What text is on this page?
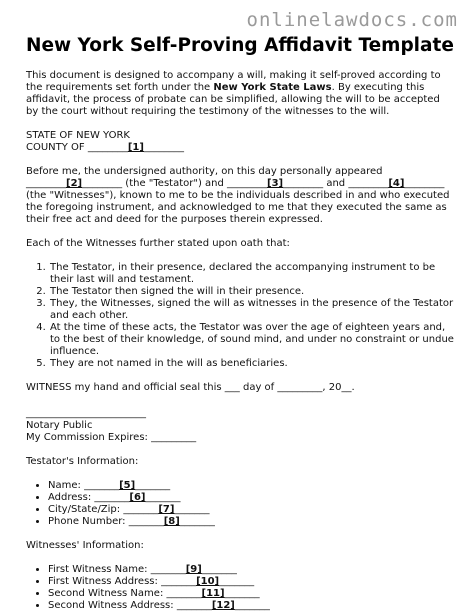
onlinelawdocs.com
New York Self-Proving Affidavit Template

This document is designed to accompany a will, making it self-proved according to the requirements set forth under the New York State Laws. By executing this affidavit, the process of probate can be simplified, allowing the will to be accepted by the court without requiring the testimony of the witnesses to the will.

STATE OF NEW YORK

COUNTY OF ________[1]________

Before me, the undersigned authority, on this day personally appeared ________[2]________ (the "Testator") and ________[3]________ and ________[4]________ (the "Witnesses"), known to me to be the individuals described in and who executed the foregoing instrument, and acknowledged to me that they executed the same as their free act and deed for the purposes therein expressed.

Each of the Witnesses further stated upon oath that:

1. The Testator, in their presence, declared the accompanying instrument to be their last will and testament.
2. The Testator then signed the will in their presence.
3. They, the Witnesses, signed the will as witnesses in the presence of the Testator and each other.
4. At the time of these acts, the Testator was over the age of eighteen years and, to the best of their knowledge, of sound mind, and under no constraint or undue influence.
5. They are not named in the will as beneficiaries.

WITNESS my hand and official seal this ___ day of _________, 20__.

________________________

Notary Public

My Commission Expires: _________

Testator's Information:

• Name: _______[5]_______
• Address: _______[6]_______
• City/State/Zip: _______[7]_______
• Phone Number: _______[8]_______

Witnesses' Information:

• First Witness Name: _______[9]_______
• First Witness Address: _______[10]_______
• Second Witness Name: _______[11]_______
• Second Witness Address: _______[12]_______
